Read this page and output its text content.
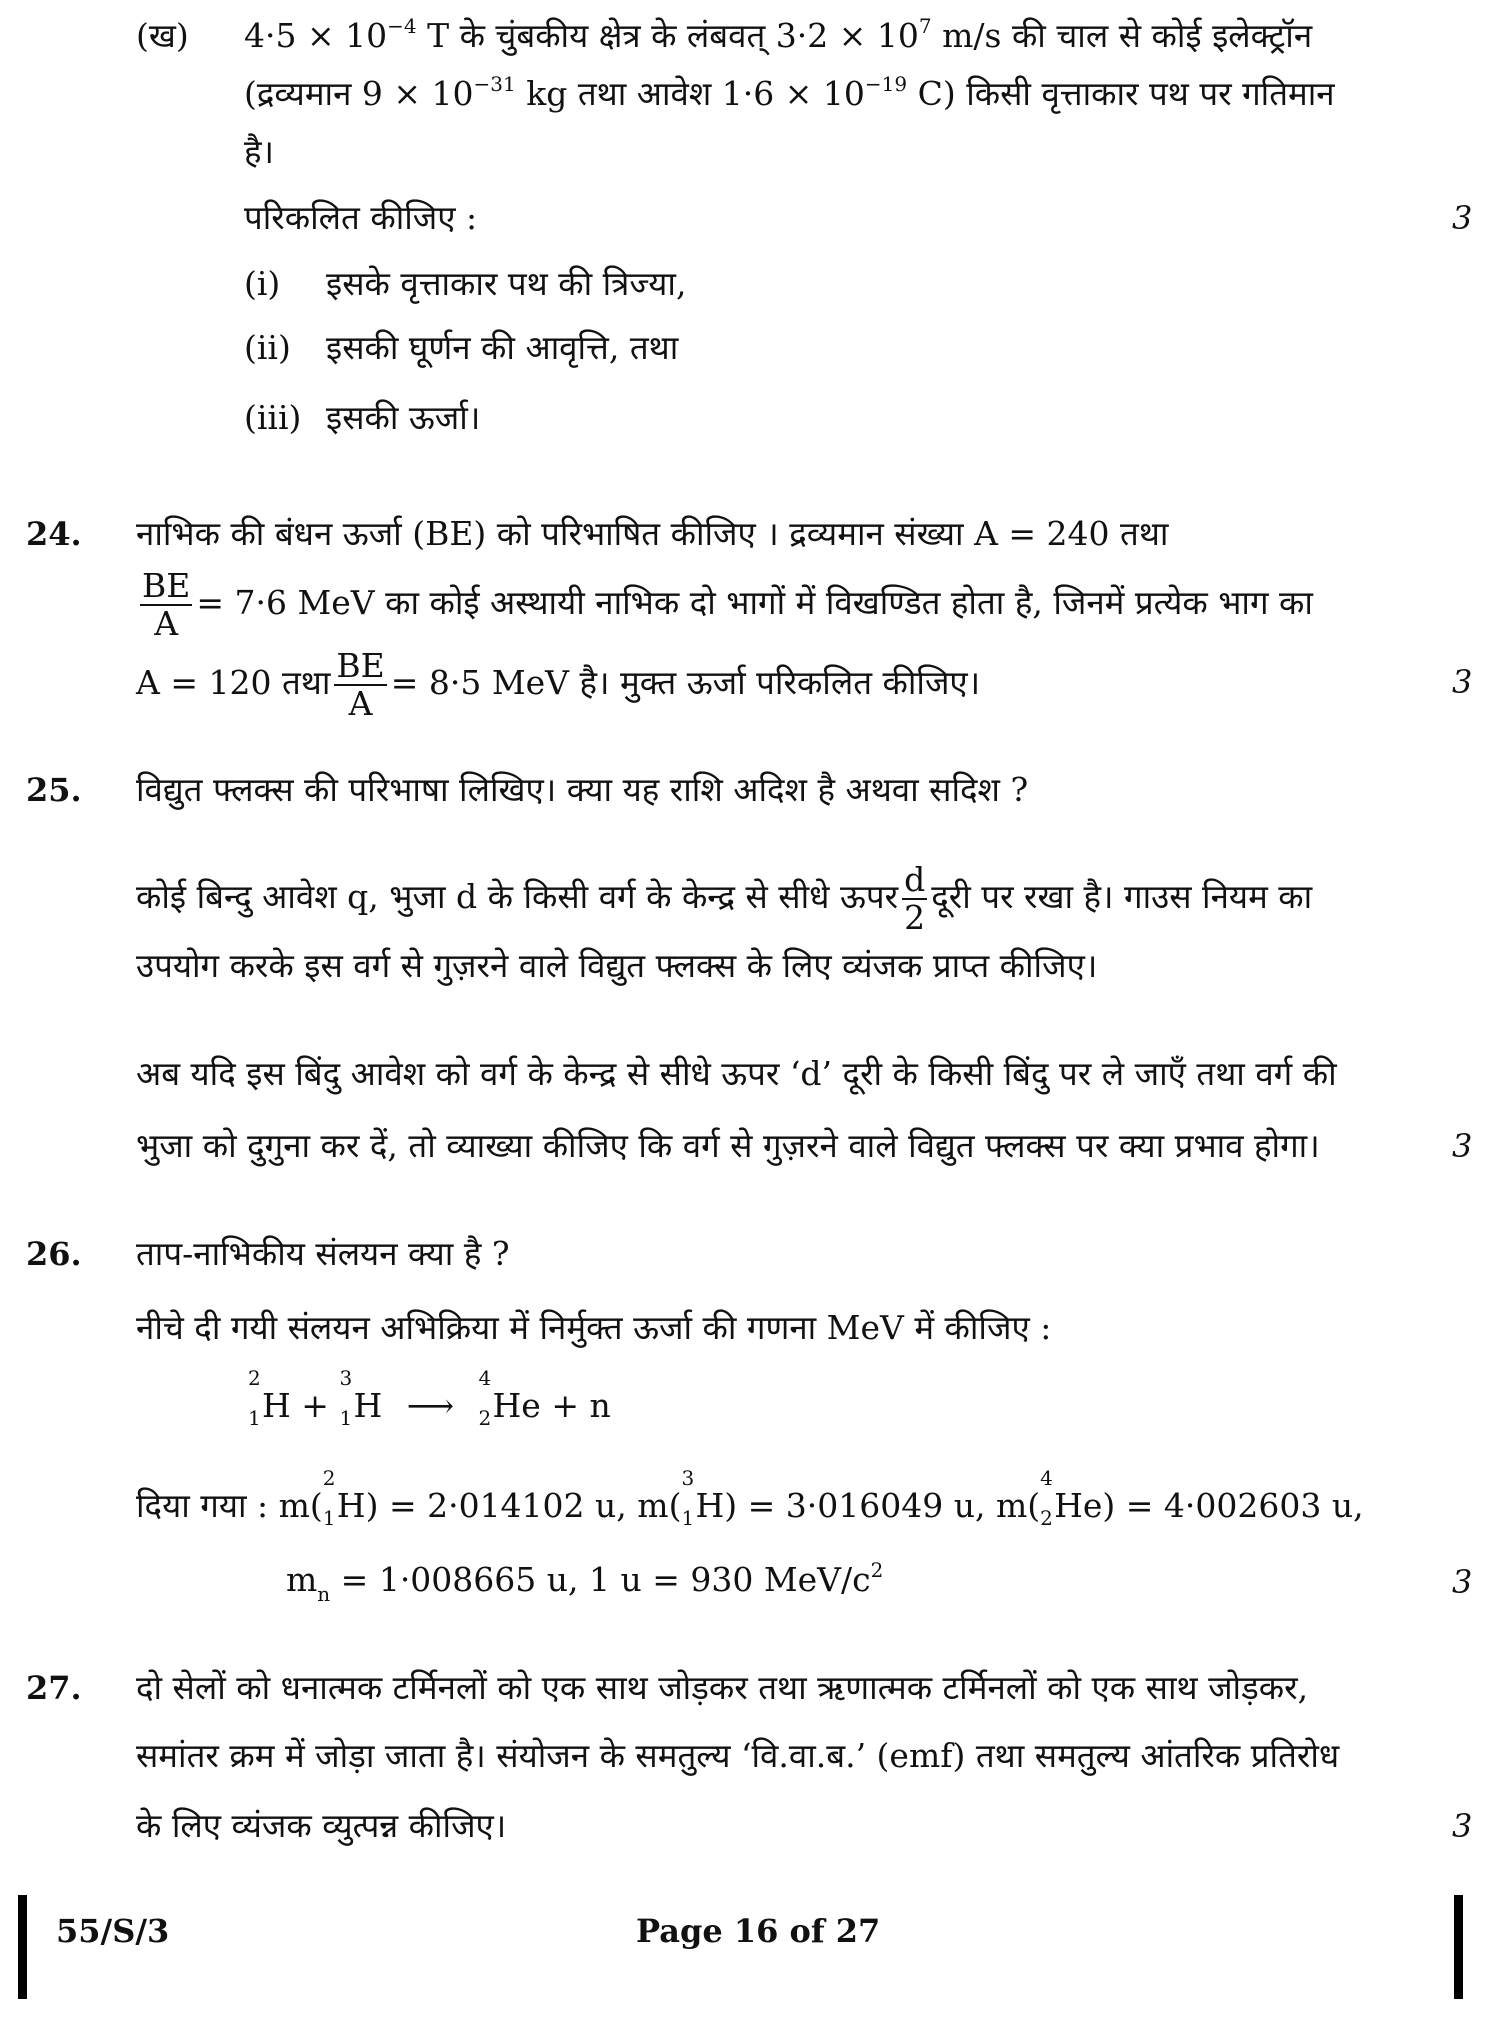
(ख) $4\cdot 5 \times 10^{-4}$ T के चुंबकीय क्षेत्र के लंबवत् $3\cdot 2 \times 10^7$ m/s की चाल से कोई इलेक्ट्रॉन
(द्रव्यमान $9 \times 10^{-31}$ kg तथा आवेश $1\cdot 6 \times 10^{-19}$ C) किसी वृत्ताकार पथ पर गतिमान
है।
परिकलित कीजिए :	3
(i) इसके वृत्ताकार पथ की त्रिज्या,
(ii) इसकी घूर्णन की आवृत्ति, तथा
(iii) इसकी ऊर्जा।
24. नाभिक की बंधन ऊर्जा (BE) को परिभाषित कीजिए । द्रव्यमान संख्या A = 240 तथा
$\frac{BE}{A} = 7\cdot 6$ MeV का कोई अस्थायी नाभिक दो भागों में विखण्डित होता है, जिनमें प्रत्येक भाग का
A = 120 तथा $\frac{BE}{A} = 8\cdot 5$ MeV है। मुक्त ऊर्जा परिकलित कीजिए।	3
25. विद्युत फ्लक्स की परिभाषा लिखिए। क्या यह राशि अदिश है अथवा सदिश ?
कोई बिन्दु आवेश q, भुजा d के किसी वर्ग के केन्द्र से सीधे ऊपर $\frac{d}{2}$ दूरी पर रखा है। गाउस नियम का
उपयोग करके इस वर्ग से गुज़रने वाले विद्युत फ्लक्स के लिए व्यंजक प्राप्त कीजिए।
अब यदि इस बिंदु आवेश को वर्ग के केन्द्र से सीधे ऊपर ‘d’ दूरी के किसी बिंदु पर ले जाएँ तथा वर्ग की
भुजा को दुगुना कर दें, तो व्याख्या कीजिए कि वर्ग से गुज़रने वाले विद्युत फ्लक्स पर क्या प्रभाव होगा।	3
26. ताप-नाभिकीय संलयन क्या है ?
नीचे दी गयी संलयन अभिक्रिया में निर्मुक्त ऊर्जा की गणना MeV में कीजिए :
2
1 H +
3
1 H ⟶
4
2 He + n
दिया गया : m(
2
1 H) = 2·014102 u, m(
3
1 H) = 3·016049 u, m(
4
2 He) = 4·002603 u,
$m_n = 1\cdot 008665$ u, 1 u = 930 MeV/$c^2$	3
27. दो सेलों को धनात्मक टर्मिनलों को एक साथ जोड़कर तथा ऋणात्मक टर्मिनलों को एक साथ जोड़कर,
समांतर क्रम में जोड़ा जाता है। संयोजन के समतुल्य ‘वि.वा.ब.’ (emf) तथा समतुल्य आंतरिक प्रतिरोध
के लिए व्यंजक व्युत्पन्न कीजिए।	3
55/S/3	Page 16 of 27
